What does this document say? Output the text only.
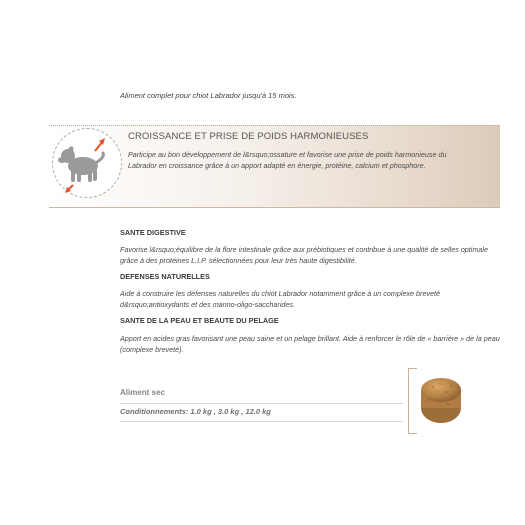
Aliment complet pour chiot Labrador jusqu'à 15 mois.
CROISSANCE ET PRISE DE POIDS HARMONIEUSES
Participe au bon développement de l&rsquo;ossature et favorise une prise de poids harmonieuse du Labrador en croissance grâce à un apport adapté en énergie, protéine, calcium et phosphore.
SANTE DIGESTIVE
Favorise l&rsquo;équilibre de la flore intestinale grâce aux prébiotiques et contribue à une qualité de selles optimale grâce à des protéines L.I.P. sélectionnées pour leur très haute digestibilité.
DEFENSES NATURELLES
Aide à construire les défenses naturelles du chiot Labrador notamment grâce à un complexe breveté d&rsquo;antioxydants et des manno-oligo-saccharides.
SANTE DE LA PEAU ET BEAUTE DU PELAGE
Apport en acides gras favorisant une peau saine et un pelage brillant. Aide à renforcer le rôle de « barrière » de la peau (complexe breveté).
Aliment sec
Conditionnements: 1.0 kg , 3.0 kg , 12.0 kg
